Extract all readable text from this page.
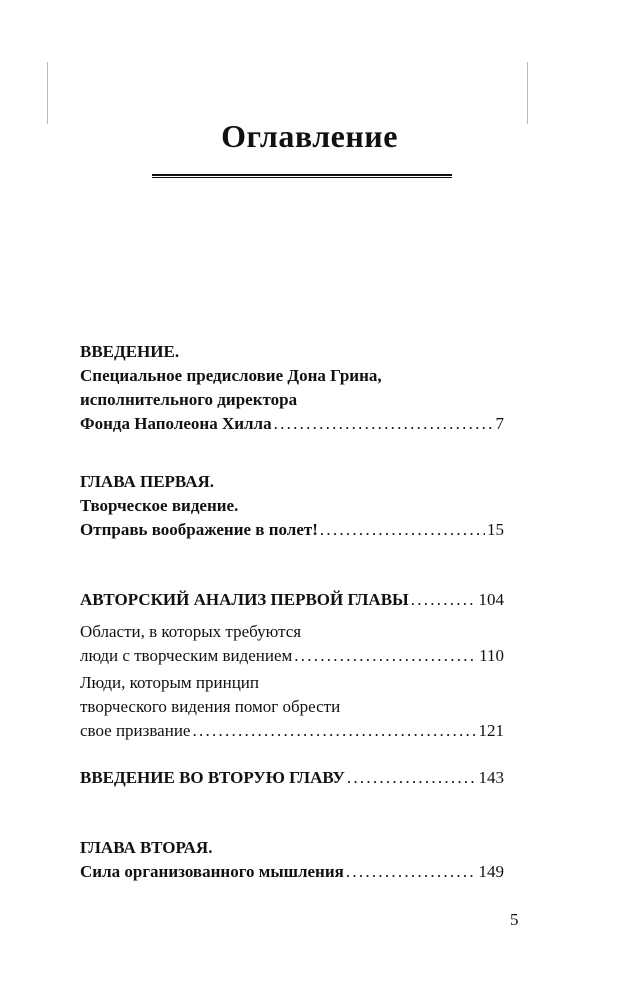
Оглавление
ВВЕДЕНИЕ.
Специальное предисловие Дона Грина,
исполнительного директора
Фонда Наполеона Хилла . . .	7
ГЛАВА ПЕРВАЯ.
Творческое видение.
Отправь воображение в полет! . . .	15
АВТОРСКИЙ АНАЛИЗ ПЕРВОЙ ГЛАВЫ . . .	104
Области, в которых требуются
люди с творческим видением . . .	110
Люди, которым принцип
творческого видения помог обрести
свое призвание . . .	121
ВВЕДЕНИЕ ВО ВТОРУЮ ГЛАВУ . . .	143
ГЛАВА ВТОРАЯ.
Сила организованного мышления . . .	149
5
